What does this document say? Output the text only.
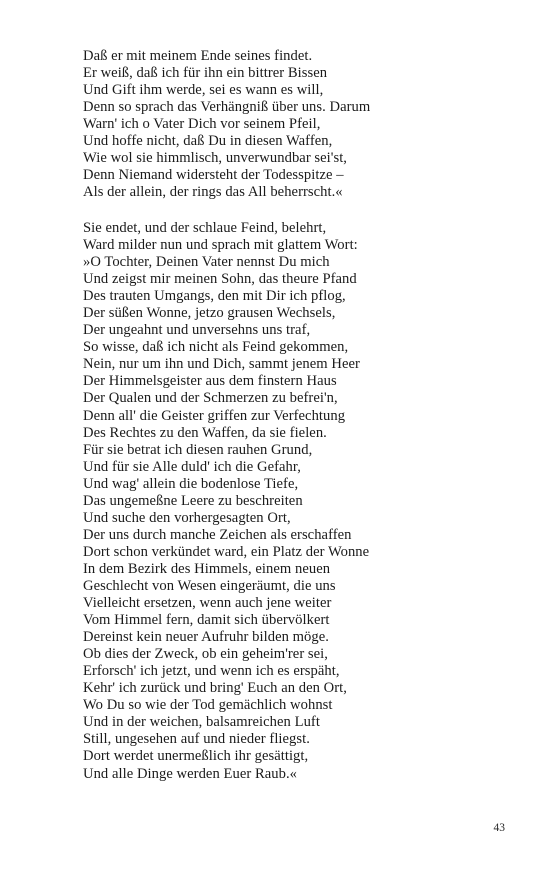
Daß er mit meinem Ende seines findet.
Er weiß, daß ich für ihn ein bittrer Bissen
Und Gift ihm werde, sei es wann es will,
Denn so sprach das Verhängniß über uns. Darum
Warn' ich o Vater Dich vor seinem Pfeil,
Und hoffe nicht, daß Du in diesen Waffen,
Wie wol sie himmlisch, unverwundbar sei'st,
Denn Niemand widersteht der Todesspitze –
Als der allein, der rings das All beherrscht.«
Sie endet, und der schlaue Feind, belehrt,
Ward milder nun und sprach mit glattem Wort:
»O Tochter, Deinen Vater nennst Du mich
Und zeigst mir meinen Sohn, das theure Pfand
Des trauten Umgangs, den mit Dir ich pflog,
Der süßen Wonne, jetzo grausen Wechsels,
Der ungeahnt und unversehns uns traf,
So wisse, daß ich nicht als Feind gekommen,
Nein, nur um ihn und Dich, sammt jenem Heer
Der Himmelsgeister aus dem finstern Haus
Der Qualen und der Schmerzen zu befrei'n,
Denn all' die Geister griffen zur Verfechtung
Des Rechtes zu den Waffen, da sie fielen.
Für sie betrat ich diesen rauhen Grund,
Und für sie Alle duld' ich die Gefahr,
Und wag' allein die bodenlose Tiefe,
Das ungemeßne Leere zu beschreiten
Und suche den vorhergesagten Ort,
Der uns durch manche Zeichen als erschaffen
Dort schon verkündet ward, ein Platz der Wonne
In dem Bezirk des Himmels, einem neuen
Geschlecht von Wesen eingeräumt, die uns
Vielleicht ersetzen, wenn auch jene weiter
Vom Himmel fern, damit sich übervölkert
Dereinst kein neuer Aufruhr bilden möge.
Ob dies der Zweck, ob ein geheim'rer sei,
Erforsch' ich jetzt, und wenn ich es erspäht,
Kehr' ich zurück und bring' Euch an den Ort,
Wo Du so wie der Tod gemächlich wohnst
Und in der weichen, balsamreichen Luft
Still, ungesehen auf und nieder fliegst.
Dort werdet unermeßlich ihr gesättigt,
Und alle Dinge werden Euer Raub.«
43
